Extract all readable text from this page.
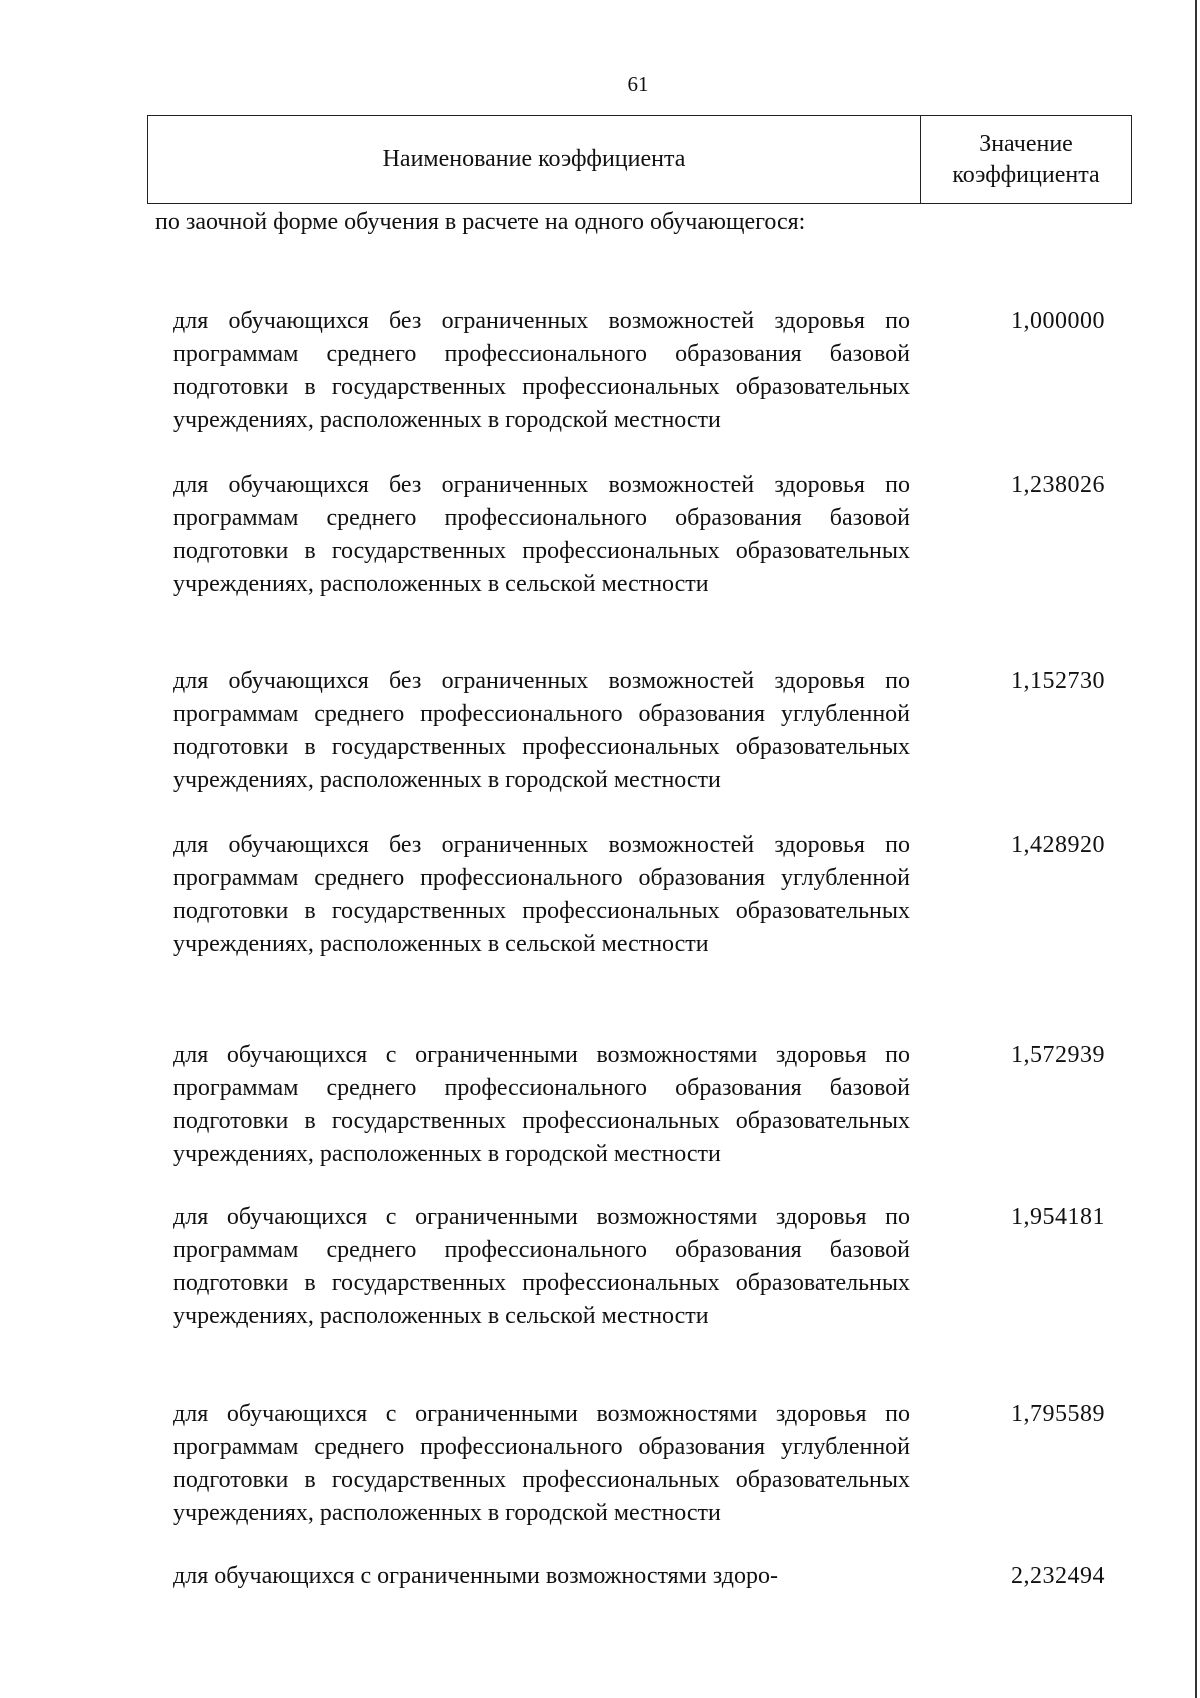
61
Наименование коэффициента
Значение коэффициента
по заочной форме обучения в расчете на одного обучающегося:
для обучающихся без ограниченных возможностей здоровья по программам среднего профессионального образования базовой подготовки в государственных профессиональных образовательных учреждениях, расположенных в городской местности
1,000000
для обучающихся без ограниченных возможностей здоровья по программам среднего профессионального образования базовой подготовки в государственных профессиональных образовательных учреждениях, расположенных в сельской местности
1,238026
для обучающихся без ограниченных возможностей здоровья по программам среднего профессионального образования углубленной подготовки в государственных профессиональных образовательных учреждениях, расположенных в городской местности
1,152730
для обучающихся без ограниченных возможностей здоровья по программам среднего профессионального образования углубленной подготовки в государственных профессиональных образовательных учреждениях, расположенных в сельской местности
1,428920
для обучающихся с ограниченными возможностями здоровья по программам среднего профессионального образования базовой подготовки в государственных профессиональных образовательных учреждениях, расположенных в городской местности
1,572939
для обучающихся с ограниченными возможностями здоровья по программам среднего профессионального образования базовой подготовки в государственных профессиональных образовательных учреждениях, расположенных в сельской местности
1,954181
для обучающихся с ограниченными возможностями здоровья по программам среднего профессионального образования углубленной подготовки в государственных профессиональных образовательных учреждениях, расположенных в городской местности
1,795589
для обучающихся с ограниченными возможностями здоро-	2,232494
